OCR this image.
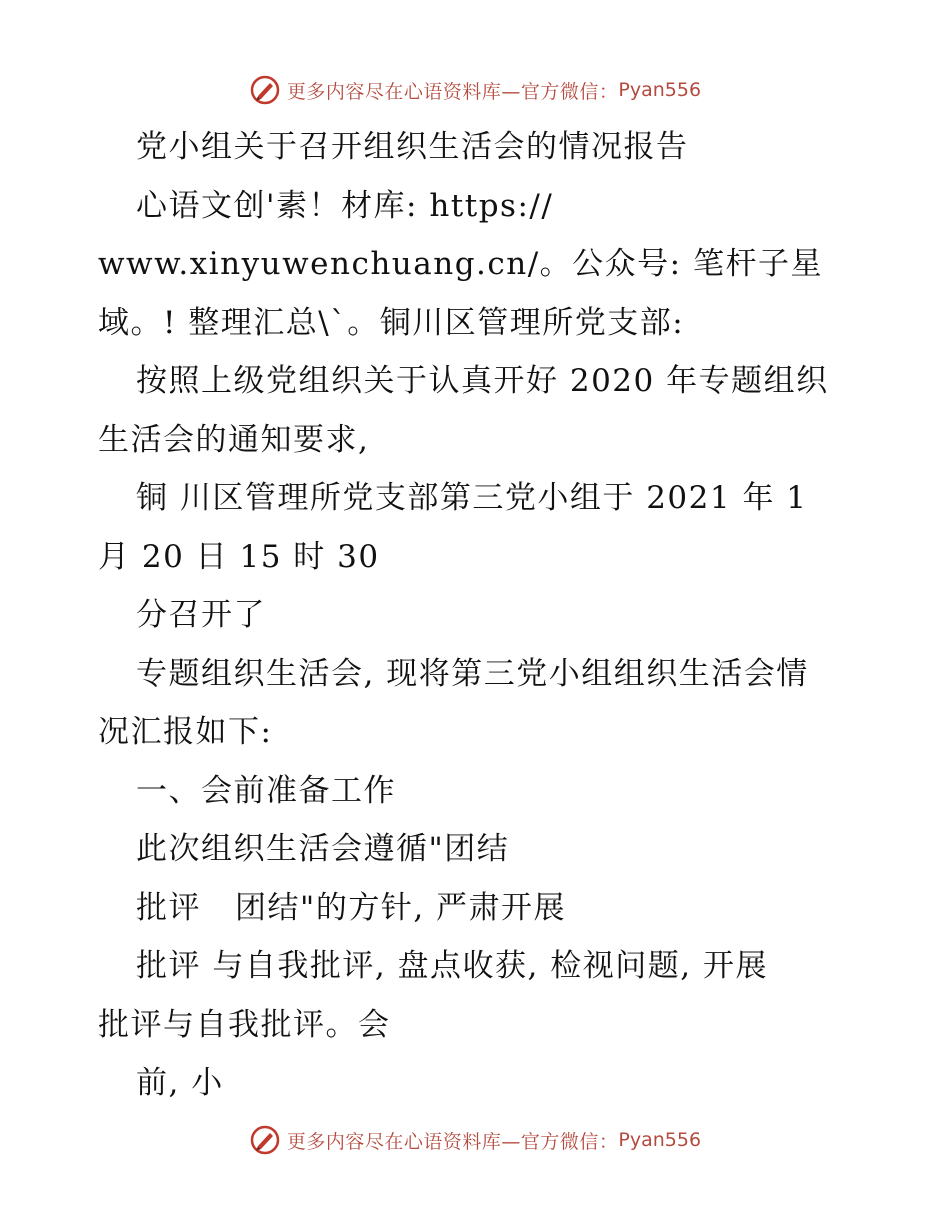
更多内容尽在心语资料库—官方微信： Pyan556
党小组关于召开组织生活会的情况报告
心语文创'素！材库: https://
www.xinyuwenchuang.cn/。公众号: 笔杆子星
域。! 整理汇总\`。铜川区管理所党支部:
按照上级党组织关于认真开好 2020 年专题组织
生活会的通知要求,
铜 川区管理所党支部第三党小组于 2021 年 1
月 20 日 15 时 30
分召开了
专题组织生活会, 现将第三党小组组织生活会情
况汇报如下:
一、会前准备工作
此次组织生活会遵循"团结
批评   团结"的方针, 严肃开展
批评 与自我批评, 盘点收获, 检视问题, 开展
批评与自我批评。会
前, 小
更多内容尽在心语资料库—官方微信： Pyan556
